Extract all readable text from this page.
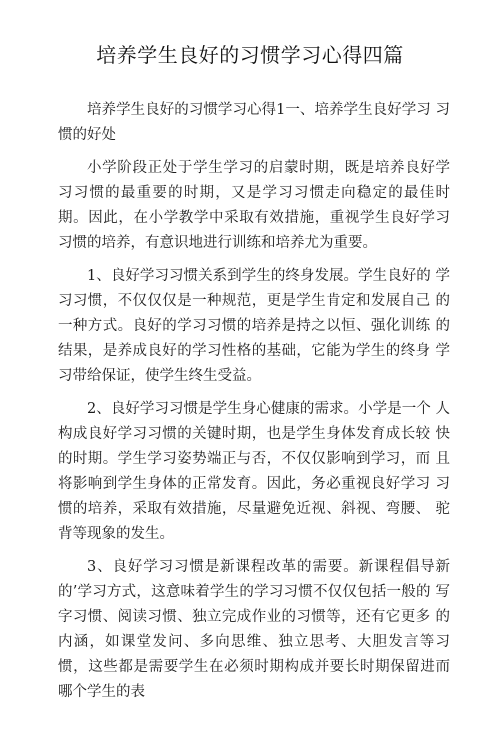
培养学生良好的习惯学习心得四篇

培养学生良好的习惯学习心得1一、培养学生良好学习 习惯的好处

小学阶段正处于学生学习的启蒙时期，既是培养良好学 习习惯的最重要的时期，又是学习习惯走向稳定的最佳时 期。因此，在小学教学中采取有效措施，重视学生良好学习 习惯的培养，有意识地进行训练和培养尤为重要。

1、良好学习习惯关系到学生的终身发展。学生良好的 学习习惯，不仅仅仅是一种规范，更是学生肯定和发展自己 的一种方式。良好的学习习惯的培养是持之以恒、强化训练 的结果，是养成良好的学习性格的基础，它能为学生的终身 学习带给保证，使学生终生受益。

2、良好学习习惯是学生身心健康的需求。小学是一个 人构成良好学习习惯的关键时期，也是学生身体发育成长较 快的时期。学生学习姿势端正与否，不仅仅影响到学习，而 且将影响到学生身体的正常发育。因此，务必重视良好学习 习惯的培养，采取有效措施，尽量避免近视、斜视、弯腰、 驼背等现象的发生。

3、良好学习习惯是新课程改革的需要。新课程倡导新 的’学习方式，这意味着学生的学习习惯不仅仅包括一般的 写字习惯、阅读习惯、独立完成作业的习惯等，还有它更多 的内涵，如课堂发问、多向思维、独立思考、大胆发言等习 惯，这些都是需要学生在必须时期构成并要长时期保留进而 哪个学生的表
